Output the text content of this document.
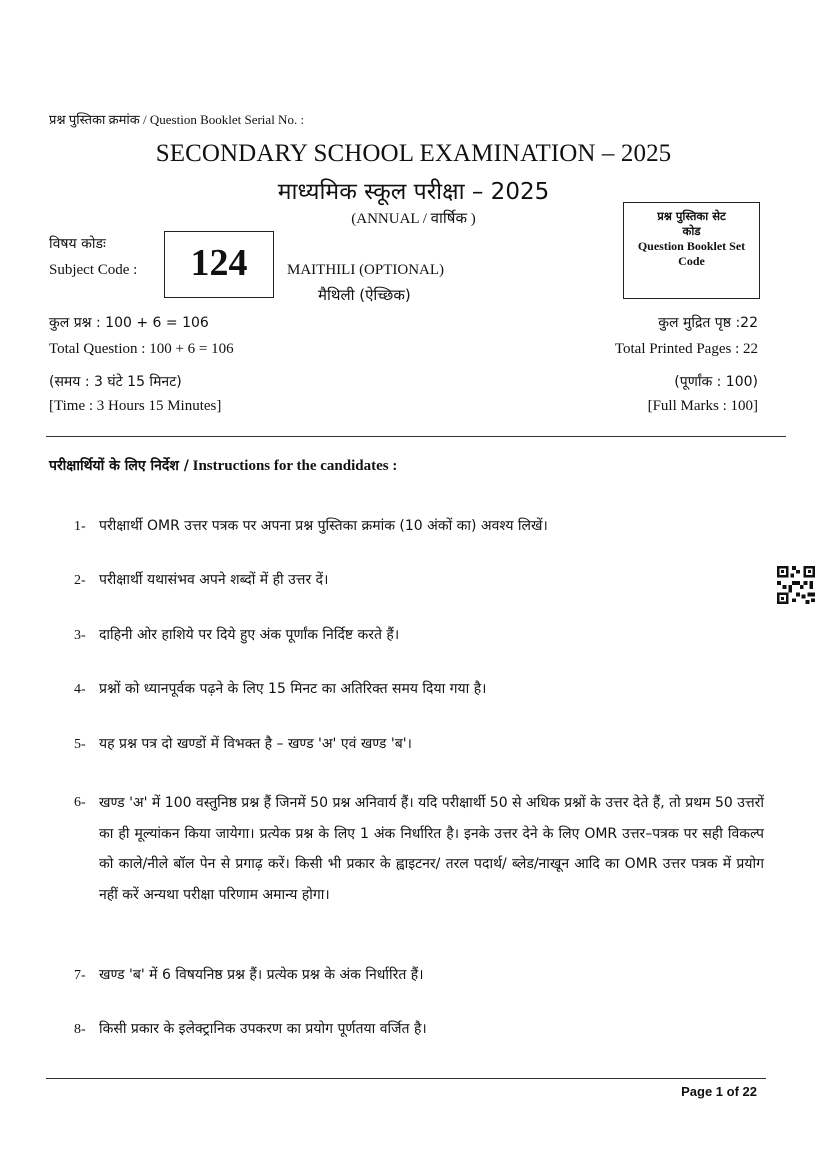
प्रश्न पुस्तिका क्रमांक / Question Booklet Serial No. :
SECONDARY SCHOOL EXAMINATION – 2025
माध्यमिक स्कूल परीक्षा – 2025
(ANNUAL / वार्षिक )	प्रश्न पुस्तिका सेट
कोड
Question Booklet Set
Code
विषय कोडः
Subject Code :	124	MAITHILI (OPTIONAL)
मैथिली (ऐच्छिक)
कुल प्रश्न : 100 + 6 = 106	कुल मुद्रित पृष्ठ :22
Total Question : 100 + 6 = 106	Total Printed Pages : 22
(समय : 3 घंटे 15 मिनट)	(पूर्णांक : 100)
[Time : 3 Hours 15 Minutes]	[Full Marks : 100]
परीक्षार्थियों के लिए निर्देश / Instructions for the candidates :
1- परीक्षार्थी OMR उत्तर पत्रक पर अपना प्रश्न पुस्तिका क्रमांक (10 अंकों का) अवश्य लिखें।
2- परीक्षार्थी यथासंभव अपने शब्दों में ही उत्तर दें।
3- दाहिनी ओर हाशिये पर दिये हुए अंक पूर्णांक निर्दिष्ट करते हैं।
4- प्रश्नों को ध्यानपूर्वक पढ़ने के लिए 15 मिनट का अतिरिक्त समय दिया गया है।
5- यह प्रश्न पत्र दो खण्डों में विभक्त है – खण्ड 'अ' एवं खण्ड 'ब'।
6- खण्ड 'अ' में 100 वस्तुनिष्ठ प्रश्न हैं जिनमें 50 प्रश्न अनिवार्य हैं। यदि परीक्षार्थी 50 से अधिक प्रश्नों के उत्तर देते हैं, तो प्रथम 50 उत्तरों का ही मूल्यांकन किया जायेगा। प्रत्येक प्रश्न के लिए 1 अंक निर्धारित है। इनके उत्तर देने के लिए OMR उत्तर–पत्रक पर सही विकल्प को काले/नीले बॉल पेन से प्रगाढ़ करें। किसी भी प्रकार के ह्वाइटनर/ तरल पदार्थ/ ब्लेड/नाखून आदि का OMR उत्तर पत्रक में प्रयोग नहीं करें अन्यथा परीक्षा परिणाम अमान्य होगा।
7- खण्ड 'ब' में 6 विषयनिष्ठ प्रश्न हैं। प्रत्येक प्रश्न के अंक निर्धारित हैं।
8- किसी प्रकार के इलेक्ट्रानिक उपकरण का प्रयोग पूर्णतया वर्जित है।
Page 1 of 22
